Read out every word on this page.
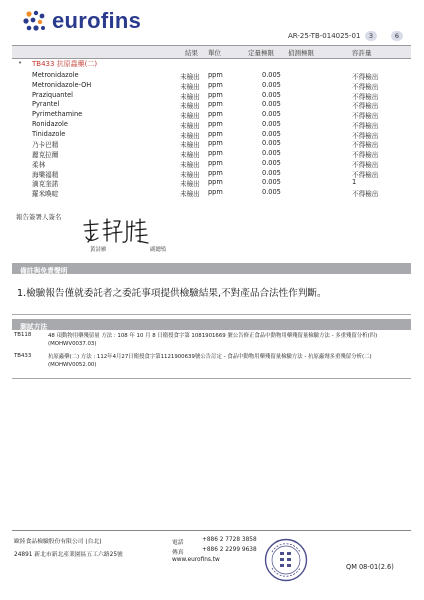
eurofins
AR-25-TB-014025-01	3	6
結果 單位	定量極限 偵測極限	容許量
• TB433 抗原蟲藥(二)
Metronidazole	未檢出 ppm	0.005	不得檢出
Metronidazole-OH	未檢出 ppm	0.005	不得檢出
Praziquantel	未檢出 ppm	0.005	不得檢出
Pyrantel	未檢出 ppm	0.005	不得檢出
Pyrimethamine	未檢出 ppm	0.005	不得檢出
Ronidazole	未檢出 ppm	0.005	不得檢出
Tinidazole	未檢出 ppm	0.005	不得檢出
乃卡巴精	未檢出 ppm	0.005	不得檢出
麗克拉爾	未檢出 ppm	0.005	不得檢出
柔林	未檢出 ppm	0.005	不得檢出
海樂福精	未檢出 ppm	0.005	不得檢出
滴克奎諾	未檢出 ppm	0.005	1
羅米喚啶	未檢出 ppm	0.005	不得檢出
報告簽署人簽名
黃詩雁	副總監
備註與免責聲明
1.檢驗報告僅就委託者之委託事項提供檢驗結果,不對產品合法性作判斷。
測試方法
TB118	48 項動物用藥殘留量 方法 : 108 年 10 月 8 日衛授食字第 1081901669 號公告修正食品中動物用藥殘留量檢驗方法 - 多重殘留分析(四) (MOHWV0037.03)
TB433	抗原蟲藥(二) 方法 : 112年4月27日衛授食字第1121900639號公告訂定 - 食品中動物用藥殘留量檢驗方法 - 抗原蟲劑多重殘留分析(二) (MOHWV0052.00)
歐陸食品檢驗股份有限公司 (台北)
24891 新北市新北產業園區五工六路25號
電話	+886 2 7728 3858
傳真	+886 2 2299 9638
www.eurofins.tw
QM 08-01(2.6)
